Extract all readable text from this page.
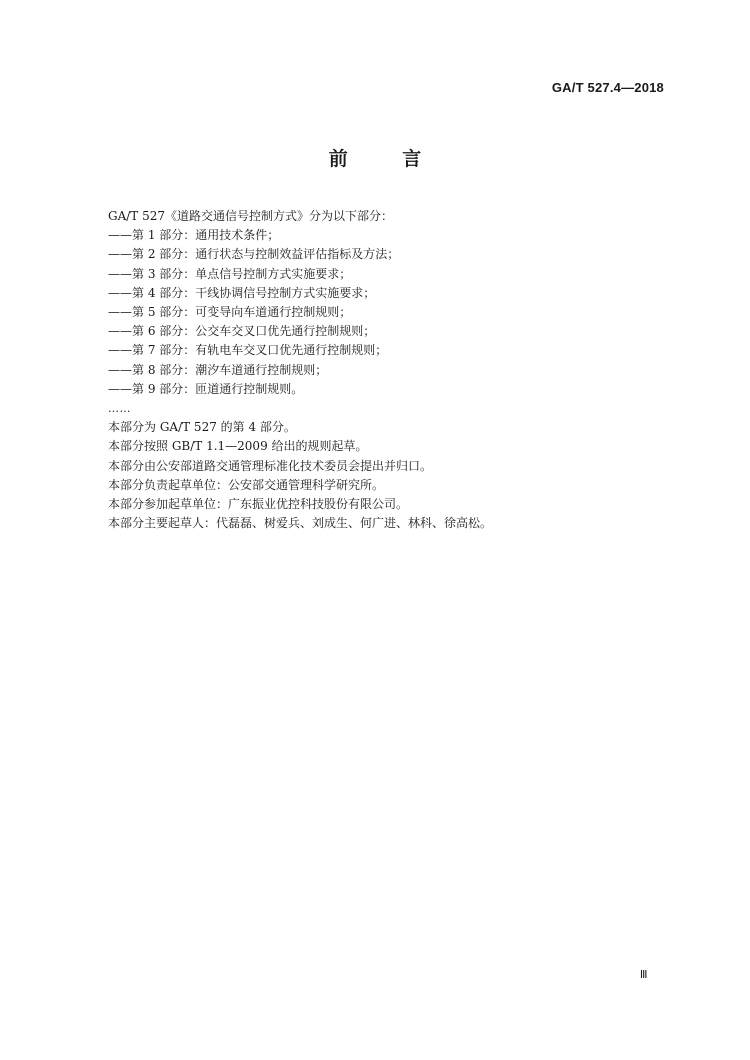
GA/T 527.4—2018
前 言
GA/T 527《道路交通信号控制方式》分为以下部分：
——第 1 部分：通用技术条件；
——第 2 部分：通行状态与控制效益评估指标及方法；
——第 3 部分：单点信号控制方式实施要求；
——第 4 部分：干线协调信号控制方式实施要求；
——第 5 部分：可变导向车道通行控制规则；
——第 6 部分：公交车交叉口优先通行控制规则；
——第 7 部分：有轨电车交叉口优先通行控制规则；
——第 8 部分：潮汐车道通行控制规则；
——第 9 部分：匝道通行控制规则。
……
本部分为 GA/T 527 的第 4 部分。
本部分按照 GB/T 1.1—2009 给出的规则起草。
本部分由公安部道路交通管理标准化技术委员会提出并归口。
本部分负责起草单位：公安部交通管理科学研究所。
本部分参加起草单位：广东振业优控科技股份有限公司。
本部分主要起草人：代磊磊、树爱兵、刘成生、何广进、林科、徐高松。
Ⅲ
